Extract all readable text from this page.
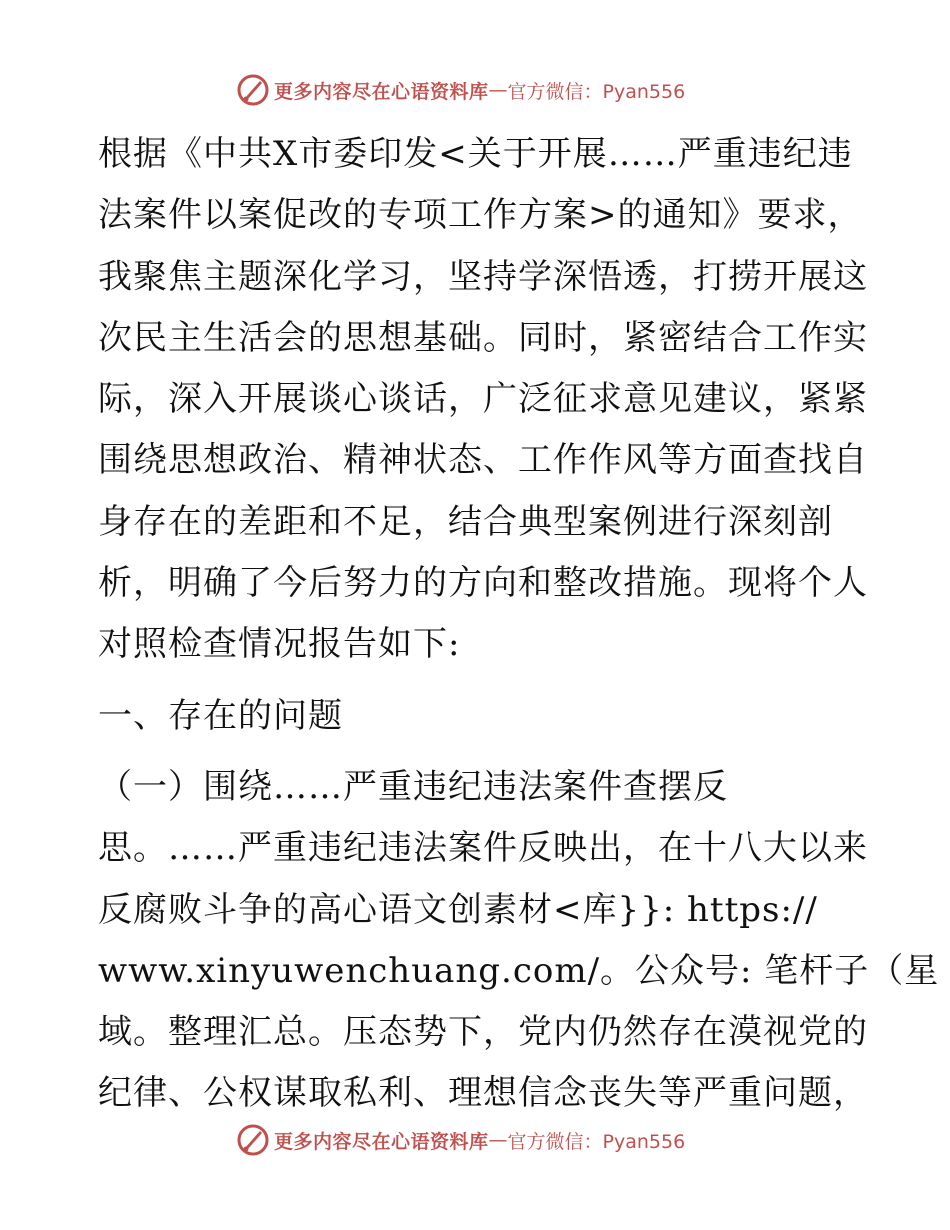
更多内容尽在心语资料库 — 官方微信：Pyan556
根据《中共X市委印发<关于开展……严重违纪违
法案件以案促改的专项工作方案>的通知》要求，
我聚焦主题深化学习，坚持学深悟透，打捞开展这
次民主生活会的思想基础。同时，紧密结合工作实
际，深入开展谈心谈话，广泛征求意见建议，紧紧
围绕思想政治、精神状态、工作作风等方面查找自
身存在的差距和不足，结合典型案例进行深刻剖
析，明确了今后努力的方向和整改措施。现将个人
对照检查情况报告如下:
一、存在的问题
（一）围绕……严重违纪违法案件查摆反
思。……严重违纪违法案件反映出，在十八大以来
反腐败斗争的高心语文创素材<库}}: https://
www.xinyuwenchuang.com/。公众号: 笔杆子（星
域。整理汇总。压态势下，党内仍然存在漠视党的
纪律、公权谋取私利、理想信念丧失等严重问题，
更多内容尽在心语资料库 — 官方微信：Pyan556
